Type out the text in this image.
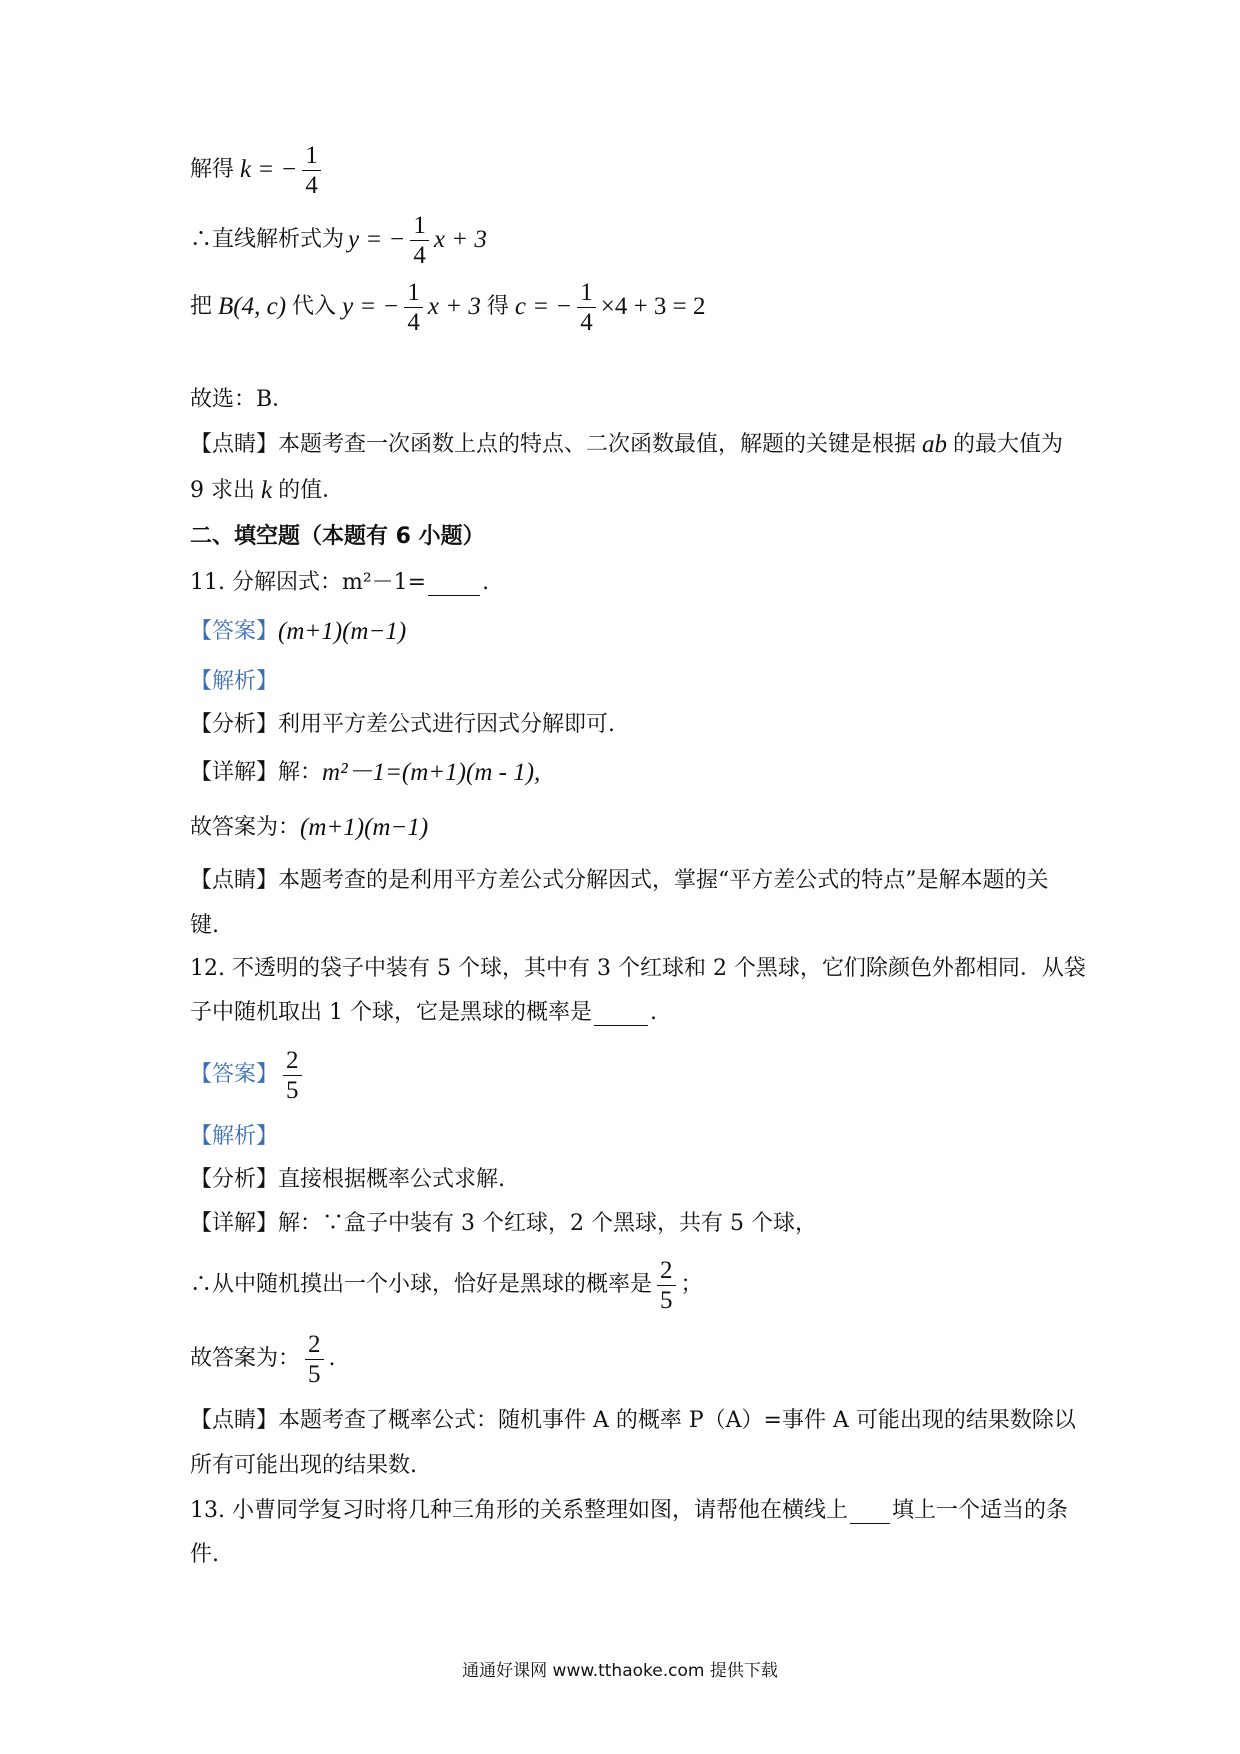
解得 k = − $\frac{1}{4}$
∴直线解析式为 y = − $\frac{1}{4}$ x + 3
把 B(4, c) 代入 y = − $\frac{1}{4}$ x + 3 得 c = − $\frac{1}{4} \times 4 + 3 = 2$
故选：B．
【点睛】本题考查一次函数上点的特点、二次函数最值，解题的关键是根据 ab 的最大值为
9 求出 k 的值．
二、填空题（本题有 6 小题）
11. 分解因式：m²－1=	.
【答案】 (m+1)(m−1)
【解析】
【分析】利用平方差公式进行因式分解即可.
【详解】解： m²－1=(m+1)(m - 1),
故答案为： (m+1)(m−1)
【点睛】本题考查的是利用平方差公式分解因式，掌握“平方差公式的特点”是解本题的关
键.
12. 不透明的袋子中装有 5 个球，其中有 3 个红球和 2 个黑球，它们除颜色外都相同．从袋
子中随机取出 1 个球，它是黑球的概率是	.
【答案】 $\frac{2}{5}$
【解析】
【分析】直接根据概率公式求解.
【详解】解：∵盒子中装有 3 个红球，2 个黑球，共有 5 个球，
∴从中随机摸出一个小球，恰好是黑球的概率是 $\frac{2}{5}$ ；
故答案为： $\frac{2}{5}$ .
【点睛】本题考查了概率公式：随机事件 A 的概率 P（A）=事件 A 可能出现的结果数除以
所有可能出现的结果数.
13. 小曹同学复习时将几种三角形的关系整理如图，请帮他在横线上 填上一个适当的条
件.
通通好课网 www.tthaoke.com 提供下载
